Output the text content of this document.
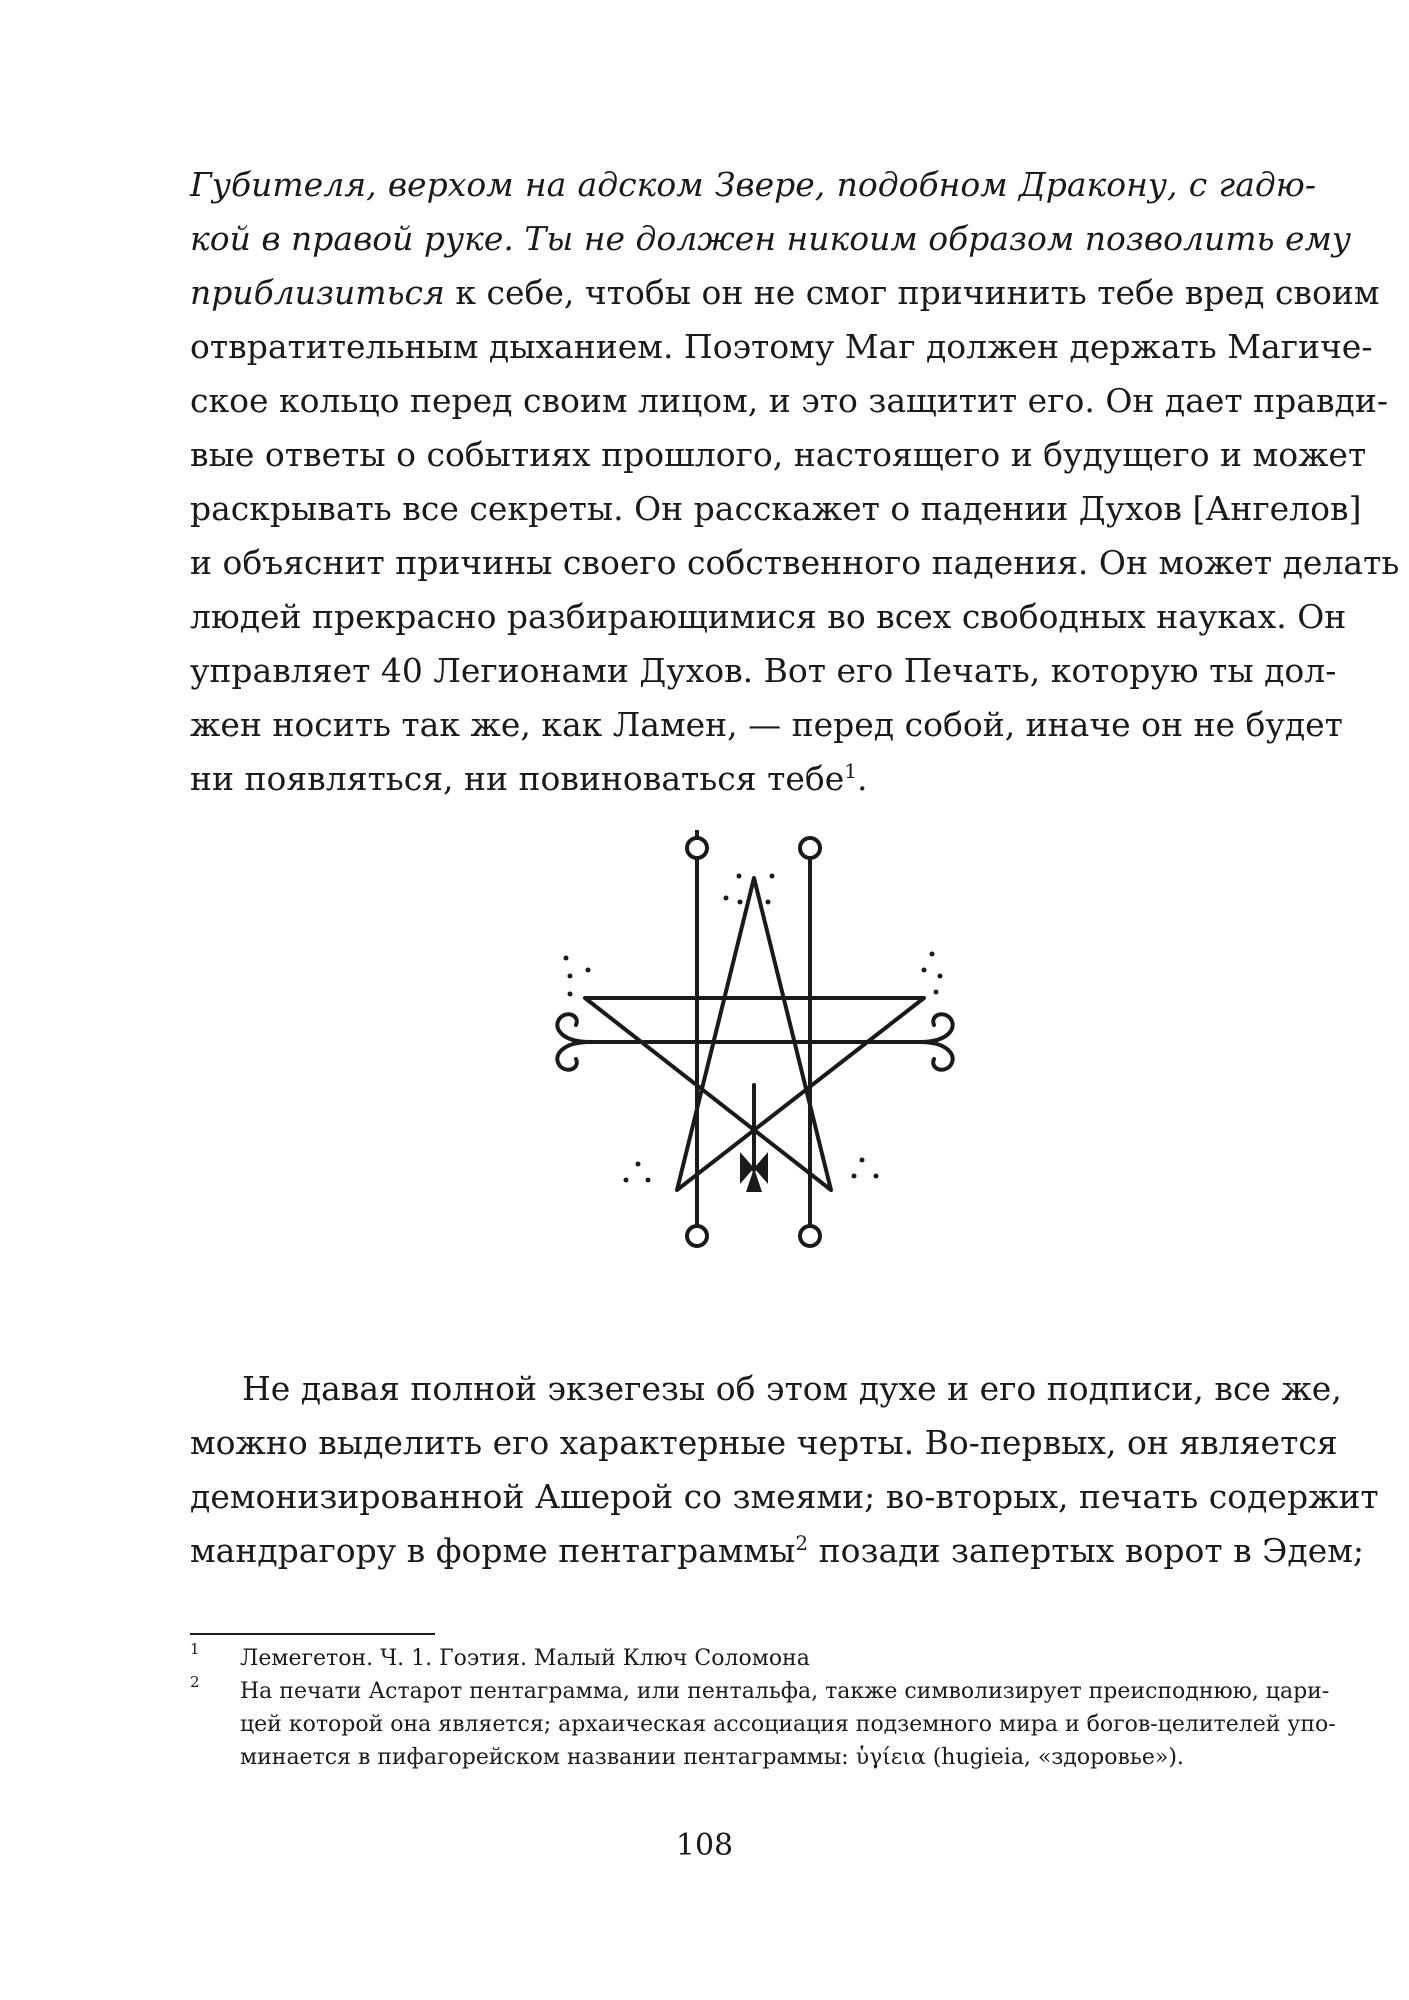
Губителя, верхом на адском Звере, подобном Дракону, с гадю-
кой в правой руке. Ты не должен никоим образом позволить ему
приблизиться к себе, чтобы он не смог причинить тебе вред своим
отвратительным дыханием. Поэтому Маг должен держать Магиче-
ское кольцо перед своим лицом, и это защитит его. Он дает правди-
вые ответы о событиях прошлого, настоящего и будущего и может
раскрывать все секреты. Он расскажет о падении Духов [Ангелов]
и объяснит причины своего собственного падения. Он может делать
людей прекрасно разбирающимися во всех свободных науках. Он
управляет 40 Легионами Духов. Вот его Печать, которую ты дол-
жен носить так же, как Ламен, — перед собой, иначе он не будет
ни появляться, ни повиноваться тебе$^1$.
Не давая полной экзегезы об этом духе и его подписи, все же,
можно выделить его характерные черты. Во-первых, он является
демонизированной Ашерой со змеями; во-вторых, печать содержит
мандрагору в форме пентаграммы$^2$ позади запертых ворот в Эдем;
1 Лемегетон. Ч. 1. Гоэтия. Малый Ключ Соломона
2 На печати Астарот пентаграмма, или пентальфа, также символизирует преисподнюю, цари-
цей которой она является; архаическая ассоциация подземного мира и богов-целителей упо-
минается в пифагорейском названии пентаграммы: ὑγίεια (hugieia, «здоровье»).
108
